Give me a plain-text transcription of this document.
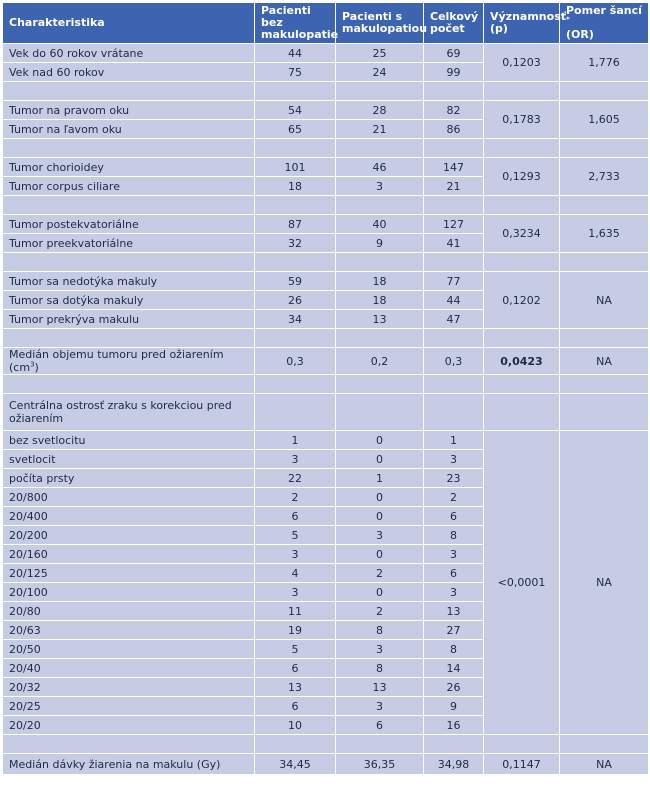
Charakteristika	Pacienti bez makulopatie	Pacienti s makulopatiou	Celkový počet	Významnosť (p)	Pomer šancí *
(OR)
Vek do 60 rokov vrátane	44	25	69	0,1203	1,776
Vek nad 60 rokov	75	24	99		

Tumor na pravom oku	54	28	82	0,1783	1,605
Tumor na ľavom oku	65	21	86		

Tumor chorioidey	101	46	147	0,1293	2,733
Tumor corpus ciliare	18	3	21		

Tumor postekvatoriálne	87	40	127	0,3234	1,635
Tumor preekvatoriálne	32	9	41		

Tumor sa nedotýka makuly	59	18	77	0,1202	NA
Tumor sa dotýka makuly	26	18	44		
Tumor prekrýva makulu	34	13	47		

Medián objemu tumoru pred ožiarením $(cm^3)$	0,3	0,2	0,3	0,0423	NA

Centrálna ostrosť zraku s korekciou pred ožiarením					
bez svetlocitu	1	0	1	<0,0001	NA
svetlocit	3	0	3		
počíta prsty	22	1	23		
20/800	2	0	2		
20/400	6	0	6		
20/200	5	3	8		
20/160	3	0	3		
20/125	4	2	6		
20/100	3	0	3		
20/80	11	2	13		
20/63	19	8	27		
20/50	5	3	8		
20/40	6	8	14		
20/32	13	13	26		
20/25	6	3	9		
20/20	10	6	16		

Medián dávky žiarenia na makulu (Gy)	34,45	36,35	34,98	0,1147	NA
